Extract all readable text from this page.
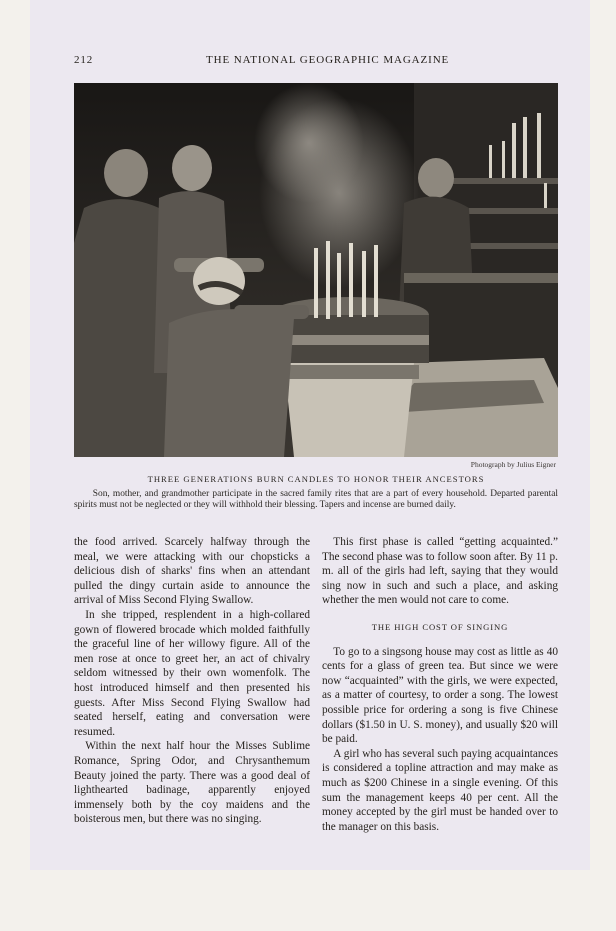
212	THE NATIONAL GEOGRAPHIC MAGAZINE
Photograph by Julius Eigner
THREE GENERATIONS BURN CANDLES TO HONOR THEIR ANCESTORS
Son, mother, and grandmother participate in the sacred family rites that are a part of every household. Departed parental spirits must not be neglected or they will withhold their blessing. Tapers and incense are burned daily.

the food arrived. Scarcely halfway through the meal, we were attacking with our chopsticks a delicious dish of sharks' fins when an attendant pulled the dingy curtain aside to announce the arrival of Miss Second Flying Swallow.

In she tripped, resplendent in a high-collared gown of flowered brocade which molded faithfully the graceful line of her willowy figure. All of the men rose at once to greet her, an act of chivalry seldom witnessed by their own womenfolk. The host introduced himself and then presented his guests. After Miss Second Flying Swallow had seated herself, eating and conversation were resumed.

Within the next half hour the Misses Sublime Romance, Spring Odor, and Chrysanthemum Beauty joined the party. There was a good deal of lighthearted badinage, apparently enjoyed immensely both by the coy maidens and the boisterous men, but there was no singing.

This first phase is called “getting acquainted.” The second phase was to follow soon after. By 11 p. m. all of the girls had left, saying that they would sing now in such and such a place, and asking whether the men would not care to come.

THE HIGH COST OF SINGING

To go to a singsong house may cost as little as 40 cents for a glass of green tea. But since we were now “acquainted” with the girls, we were expected, as a matter of courtesy, to order a song. The lowest possible price for ordering a song is five Chinese dollars ($1.50 in U. S. money), and usually $20 will be paid.

A girl who has several such paying acquaintances is considered a topline attraction and may make as much as $200 Chinese in a single evening. Of this sum the management keeps 40 per cent. All the money accepted by the girl must be handed over to the manager on this basis.
